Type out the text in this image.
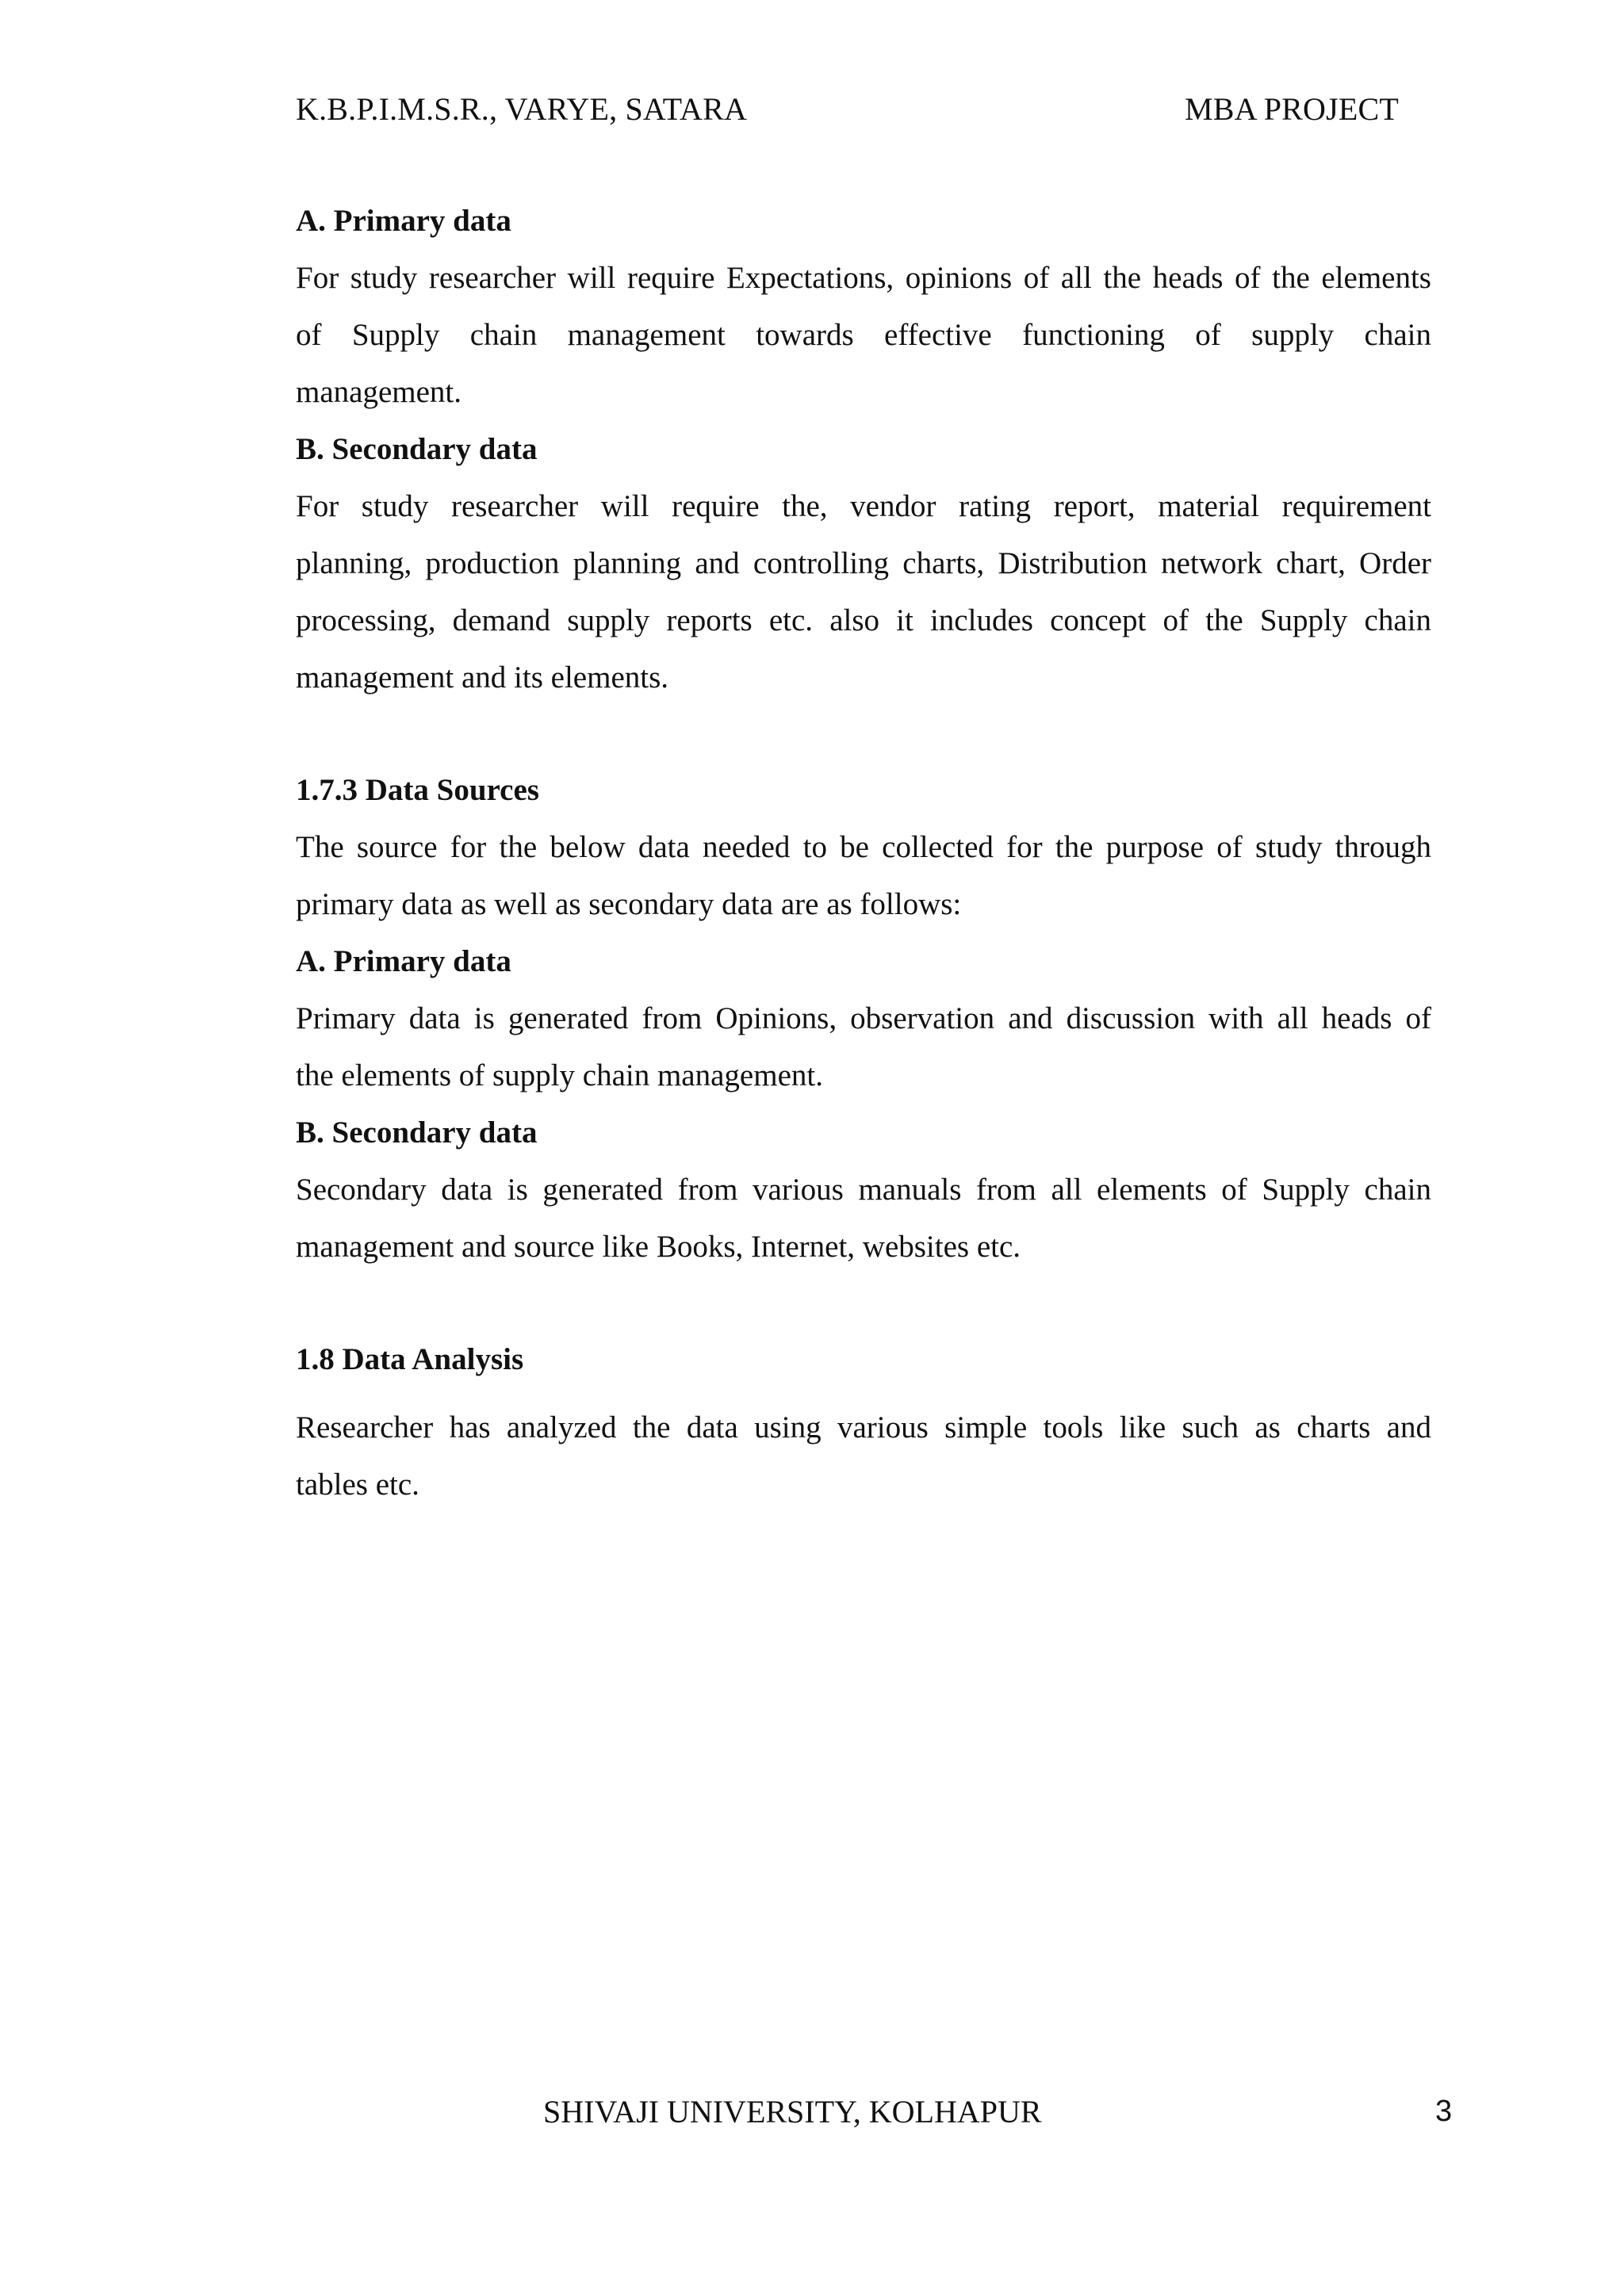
K.B.P.I.M.S.R., VARYE, SATARA	MBA PROJECT
A. Primary data
For study researcher will require Expectations, opinions of all the heads of the elements
of Supply chain management towards effective functioning of supply chain
management.
B. Secondary data
For study researcher will require the, vendor rating report, material requirement
planning, production planning and controlling charts, Distribution network chart, Order
processing, demand supply reports etc. also it includes concept of the Supply chain
management and its elements.
1.7.3 Data Sources
The source for the below data needed to be collected for the purpose of study through
primary data as well as secondary data are as follows:
A. Primary data
Primary data is generated from Opinions, observation and discussion with all heads of
the elements of supply chain management.
B. Secondary data
Secondary data is generated from various manuals from all elements of Supply chain
management and source like Books, Internet, websites etc.
1.8 Data Analysis
Researcher has analyzed the data using various simple tools like such as charts and
tables etc.
SHIVAJI UNIVERSITY, KOLHAPUR	3
